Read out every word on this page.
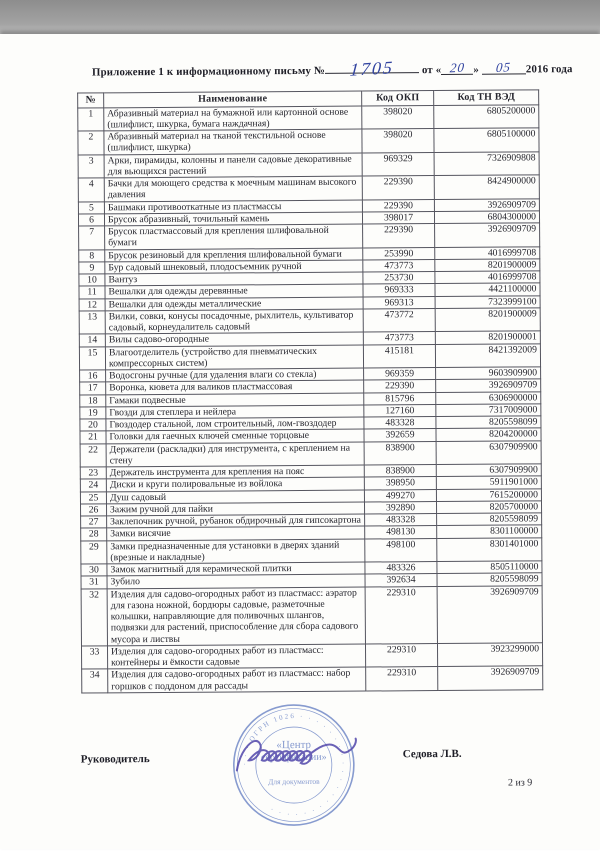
Приложение 1 к информационному письму № 1705 от « 20 » 05 2016 года
№	Наименование	Код ОКП	Код ТН ВЭД
1	Абразивный материал на бумажной или картонной основе (шлифлист, шкурка, бумага наждачная)	398020	6805200000
2	Абразивный материал на тканой текстильной основе (шлифлист, шкурка)	398020	6805100000
3	Арки, пирамиды, колонны и панели садовые декоративные для вьющихся растений	969329	7326909808
4	Бачки для моющего средства к моечным машинам высокого давления	229390	8424900000
5	Башмаки противооткатные из пластмассы	229390	3926909709
6	Брусок абразивный, точильный камень	398017	6804300000
7	Брусок пластмассовый для крепления шлифовальной бумаги	229390	3926909709
8	Брусок резиновый для крепления шлифовальной бумаги	253990	4016999708
9	Бур садовый шнековый, плодосъемник ручной	473773	8201900009
10	Вантуз	253730	4016999708
11	Вешалки для одежды деревянные	969333	4421100000
12	Вешалки для одежды металлические	969313	7323999100
13	Вилки, совки, конусы посадочные, рыхлитель, культиватор садовый, корнеудалитель садовый	473772	8201900009
14	Вилы садово-огородные	473773	8201900001
15	Влагоотделитель (устройство для пневматических компрессорных систем)	415181	8421392009
16	Водосгоны ручные (для удаления влаги со стекла)	969359	9603909900
17	Воронка, кювета для валиков пластмассовая	229390	3926909709
18	Гамаки подвесные	815796	6306900000
19	Гвозди для степлера и нейлера	127160	7317009000
20	Гвоздодер стальной, лом строительный, лом-гвоздодер	483328	8205598099
21	Головки для гаечных ключей сменные торцовые	392659	8204200000
22	Держатели (раскладки) для инструмента, с креплением на стену	838900	6307909900
23	Держатель инструмента для крепления на пояс	838900	6307909900
24	Диски и круги полировальные из войлока	398950	5911901000
25	Душ садовый	499270	7615200000
26	Зажим ручной для пайки	392890	8205700000
27	Заклепочник ручной, рубанок обдирочный для гипсокартона	483328	8205598099
28	Замки висячие	498130	8301100000
29	Замки предназначенные для установки в дверях зданий (врезные и накладные)	498100	8301401000
30	Замок магнитный для керамической плитки	483326	8505110000
31	Зубило	392634	8205598099
32	Изделия для садово-огородных работ из пластмасс: аэратор для газона ножной, бордюры садовые, разметочные колышки, направляющие для поливочных шлангов, подвязки для растений, приспособление для сбора садового мусора и листвы	229310	3926909709
33	Изделия для садово-огородных работ из пластмасс: контейнеры и ёмкости садовые	229310	3923299000
34	Изделия для садово-огородных работ из пластмасс: набор горшков с поддоном для рассады	229310	3926909709
Руководитель	Седова Л.В.
2 из 9
· · · ОГРН 1026 · · · · · · · · · · · · · · · · · · · · ·
«Центр
сертификации»
Для документов
